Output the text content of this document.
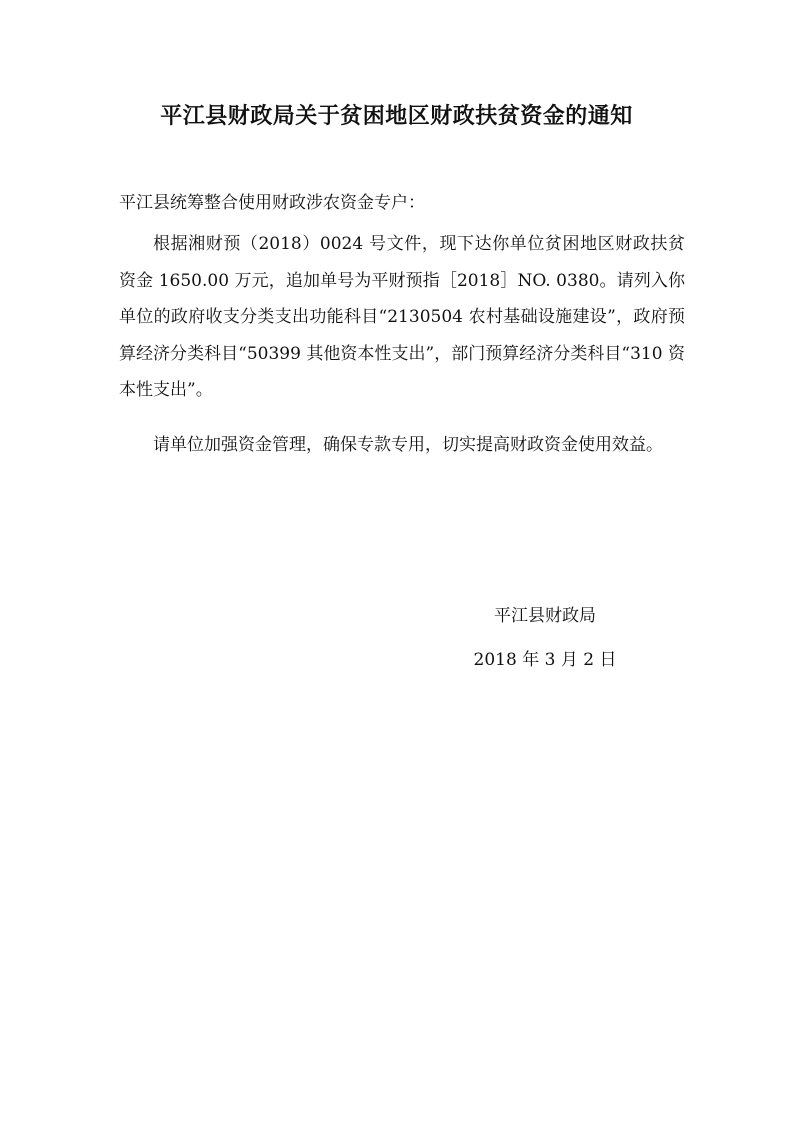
平江县财政局关于贫困地区财政扶贫资金的通知

平江县统筹整合使用财政涉农资金专户：

根据湘财预（2018）0024 号文件，现下达你单位贫困地区财政扶贫资金 1650.00 万元，追加单号为平财预指［2018］NO. 0380。请列入你单位的政府收支分类支出功能科目“2130504 农村基础设施建设”，政府预算经济分类科目“50399 其他资本性支出”，部门预算经济分类科目“310 资本性支出”。

请单位加强资金管理，确保专款专用，切实提高财政资金使用效益。

平江县财政局

2018 年 3 月 2 日
